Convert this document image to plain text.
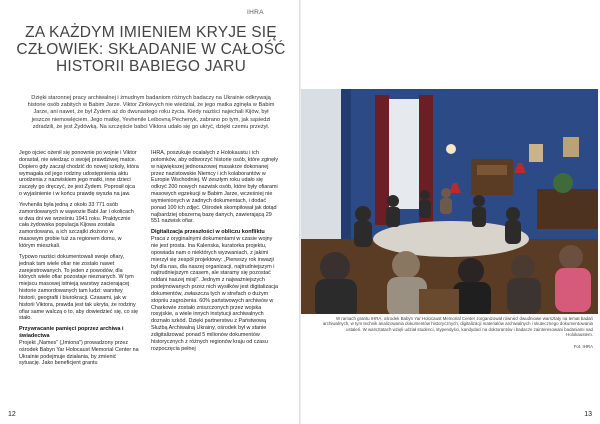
IHRA
ZA KAŻDYM IMIENIEM KRYJE SIĘ
CZŁOWIEK: SKŁADANIE W CAŁOŚĆ
HISTORII BABIEGO JARU

Dzięki staronnej pracy archiwalnej i żmudnym badaniom różnych badaczy na Ukrainie odkrywają historie osób zabitych w Babim Jarze. Viktor Zinkevych nie wiedział, że jego matka zginęła w Babim Jarze, ani nawet, że był Żydem aż do dwunastego roku życia. Kiedy naziści najechali Kijów, był jeszcze niemowlęciem. Jego matkę, Yevhenile Leibovną Pechenyk, zabrano po tym, jak sąsiedzi zdradzili, że jest Żydówką. Na szczęście babci Viktora udało się go ukryć, dzięki czemu przeżył.

Jego ojciec ożenił się ponownie po wojnie i Viktor dorastał, nie wiedząc o swojej prawdziwej matce. Dopiero gdy zaczął chodzić do nowej szkoły, która wymagała od jego rodziny udostępnienia aktu urodzenia z nazwiskiem jego matki, inne dzieci zaczęły go dręczyć, że jest Żydem. Poprosił ojca o wyjaśnienie i w końcu prawdę wyszła na jaw.

Yevhenila była jedną z około 33 771 osób zamordowanych w wąwozie Babi Jar i okolicach w dwa dni we wrześniu 1941 roku. Praktycznie cała żydowska populacja Kijowa została zamordowana, a ich szczątki złożono w masowym grobie tuż za regionem domu, w którym mieszkali.

Typowo naziści dokumentowali swoje ofiary, jednak tam wiele ofiar nie zostało nawet zarejestrowanych. To jeden z powodów, dla których wiele ofiar pozostaje nieznanych. W tym miejscu masowej istnieją warstwy zacierającej historie zamordowanych tam ludzi: warstwy historii, geografii i biurokracji. Czasami, jak w historii Viktora, prawda jest tak ukryta, że rodziny ofiar same walczą o to, aby dowiedzieć się, co się stało.

Przywracanie pamięci poprzez archiwa i świadectwa

Projekt „Names” („Imiona”) prowadzony przez ośrodek Babyn Yar Holocaust Memorial Center na Ukrainie podejmuje działania, by zmienić sytuację. Jako beneficjent grantu

IHRA, poszukuje ocalałych z Holokaustu i ich potomków, aby odtworzyć historie osób, które zginęły w największej jednorazowej masakrze dokonanej przez nazistowskie Niemcy i ich kolaborantów w Europie Wschodniej. W zeszłym roku udało się odkryć 200 nowych nazwisk osób, które były ofiarami masowych egzekucji w Babim Jarze, wcześniej nie wymienionych w żadnych dokumentach, i dodać ponad 100 ich zdjęć. Ośrodek skompilował jak dotąd najbardziej obszerną bazę danych, zawierającą 29 551 nazwisk ofiar.

Digitalizacja przeszłości w obliczu konfliktu

Praca z oryginalnymi dokumentami w czasie wojny nie jest prosta. Ina Kalenska, kuratorka projektu, opowiada nam o niektórych wyzwaniach, z jakimi mierzył się zespół projektowy: „Pierwszy rok inwazji był dla nas, dla naszej organizacji, najtrudniejszym i najtrudniejszym czasem, ale staramy się pozostać oddani naszej misji”. Jednym z najważniejszych podejmowanych przez nich wysiłków jest digitalizacja dokumentów, zwłaszcza tych w strefach o dużym stopniu zagrożenia. 60% państwowych archiwów w Charkowie zostało zniszczonych przez wojska rosyjskie, a wiele innych instytucji archiwalnych doznało szkód. Dzięki partnerstwu z Państwową Służbą Archiwalną Ukrainy, ośrodek był w stanie zdigitalizować ponad 5 milionów dokumentów historycznych z różnych regionów kraju od czasu rozpoczęcia pełnej

12

W ramach grantu IHRA, ośrodek Babyn Yar Holocaust Memorial Center zorganizował również dwudniowe warsztaty na temat badań archiwalnych, w tym technik analizowania dokumentów historycznych, digitalizacji materiałów archiwalnych i skutecznego dokumentowania ustaleń. W warsztatach wzięli udział studenci, stypendyści, kandydaci na doktorantów i badacze zainteresowani badaniami nad Holokaustem.

Fot. IHRA
13
